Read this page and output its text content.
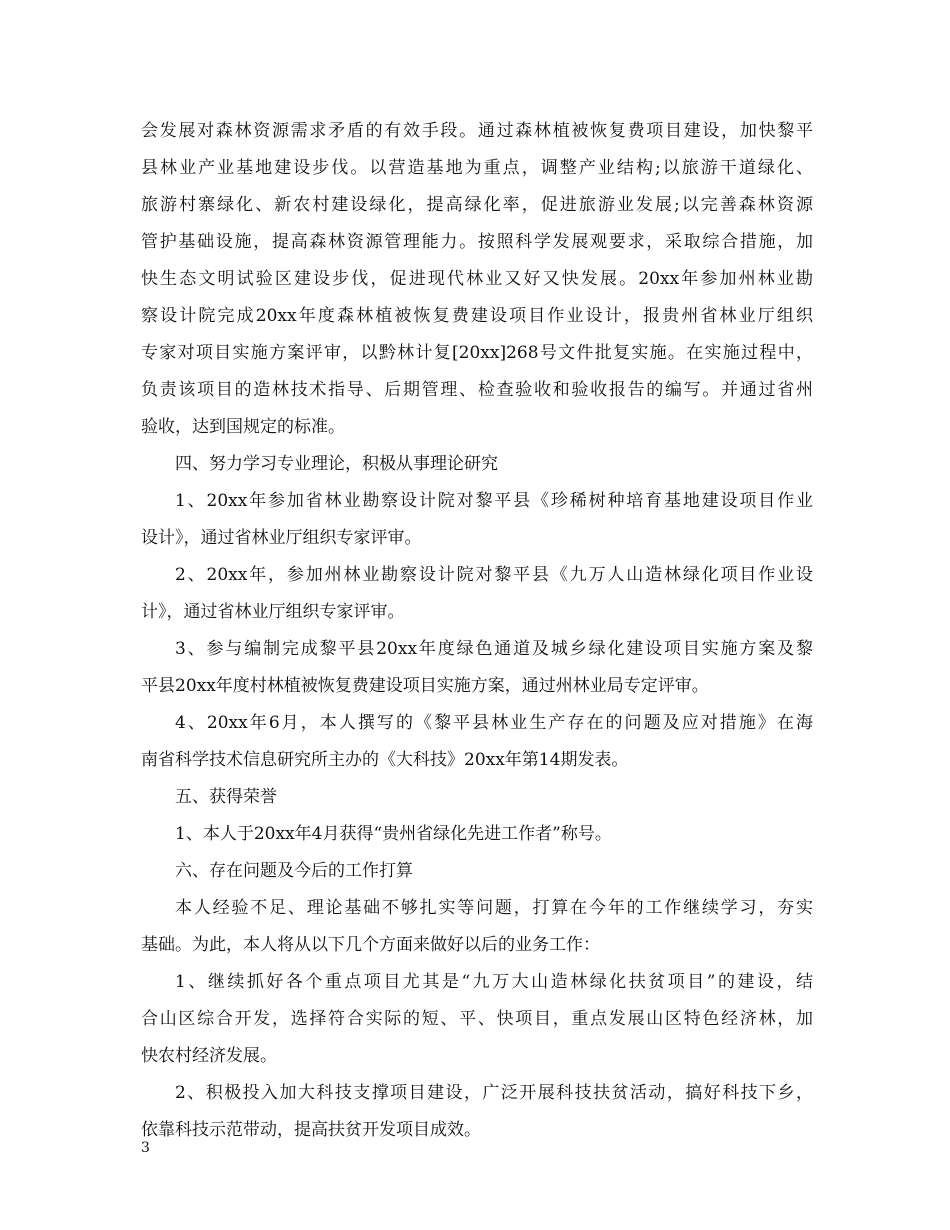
会发展对森林资源需求矛盾的有效手段。通过森林植被恢复费项目建设，加快黎平
县林业产业基地建设步伐。以营造基地为重点，调整产业结构;以旅游干道绿化、
旅游村寨绿化、新农村建设绿化，提高绿化率，促进旅游业发展;以完善森林资源
管护基础设施，提高森林资源管理能力。按照科学发展观要求，采取综合措施，加
快生态文明试验区建设步伐，促进现代林业又好又快发展。20xx年参加州林业勘
察设计院完成20xx年度森林植被恢复费建设项目作业设计，报贵州省林业厅组织
专家对项目实施方案评审，以黔林计复[20xx]268号文件批复实施。在实施过程中，
负责该项目的造林技术指导、后期管理、检查验收和验收报告的编写。并通过省州
验收，达到国规定的标准。
四、努力学习专业理论，积极从事理论研究
1、20xx年参加省林业勘察设计院对黎平县《珍稀树种培育基地建设项目作业
设计》，通过省林业厅组织专家评审。
2、20xx年，参加州林业勘察设计院对黎平县《九万人山造林绿化项目作业设
计》，通过省林业厅组织专家评审。
3、参与编制完成黎平县20xx年度绿色通道及城乡绿化建设项目实施方案及黎
平县20xx年度村林植被恢复费建设项目实施方案，通过州林业局专定评审。
4、20xx年6月，本人撰写的《黎平县林业生产存在的问题及应对措施》在海
南省科学技术信息研究所主办的《大科技》20xx年第14期发表。
五、获得荣誉
1、本人于20xx年4月获得“贵州省绿化先进工作者”称号。
六、存在问题及今后的工作打算
本人经验不足、理论基础不够扎实等问题，打算在今年的工作继续学习，夯实
基础。为此，本人将从以下几个方面来做好以后的业务工作：
1、继续抓好各个重点项目尤其是“九万大山造林绿化扶贫项目”的建设，结
合山区综合开发，选择符合实际的短、平、快项目，重点发展山区特色经济林，加
快农村经济发展。
2、积极投入加大科技支撑项目建设，广泛开展科技扶贫活动，搞好科技下乡，
依靠科技示范带动，提高扶贫开发项目成效。
3
